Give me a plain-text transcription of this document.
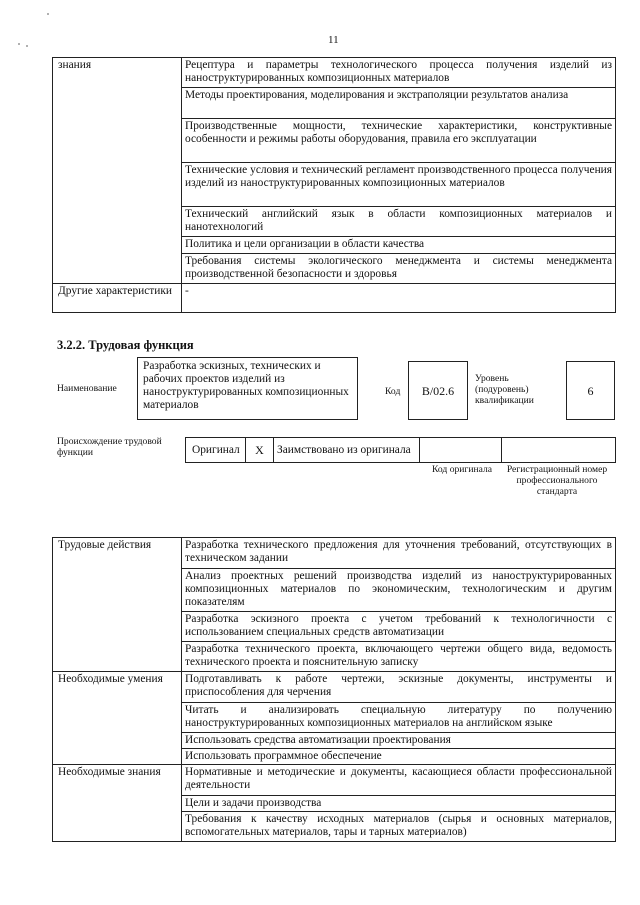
11
знания	Рецептура и параметры технологического процесса получения изделий из наноструктурированных композиционных материалов
	Методы проектирования, моделирования и экстраполяции результатов анализа
	Производственные мощности, технические характеристики, конструктивные особенности и режимы работы оборудования, правила его эксплуатации
	Технические условия и технический регламент производственного процесса получения изделий из наноструктурированных композиционных материалов
	Технический английский язык в области композиционных материалов и нанотехнологий
	Политика и цели организации в области качества
	Требования системы экологического менеджмента и системы менеджмента производственной безопасности и здоровья
Другие характеристики	-
3.2.2. Трудовая функция
Наименование
Разработка эскизных, технических и рабочих проектов изделий из наноструктурированных композиционных материалов
Код	B/02.6
Уровень (подуровень) квалификации
6
Происхождение трудовой функции	Оригинал	X	Заимствовано из оригинала		
Код оригинала Регистрационный номер профессионального стандарта
Трудовые действия	Разработка технического предложения для уточнения требований, отсутствующих в техническом задании
	Анализ проектных решений производства изделий из наноструктурированных композиционных материалов по экономическим, технологическим и другим показателям
	Разработка эскизного проекта с учетом требований к технологичности с использованием специальных средств автоматизации
	Разработка технического проекта, включающего чертежи общего вида, ведомость технического проекта и пояснительную записку
Необходимые умения	Подготавливать к работе чертежи, эскизные документы, инструменты и приспособления для черчения
	Читать и анализировать специальную литературу по получению наноструктурированных композиционных материалов на английском языке
	Использовать средства автоматизации проектирования
	Использовать программное обеспечение
Необходимые знания	Нормативные и методические и документы, касающиеся области профессиональной деятельности
	Цели и задачи производства
	Требования к качеству исходных материалов (сырья и основных материалов, вспомогательных материалов, тары и тарных материалов)
